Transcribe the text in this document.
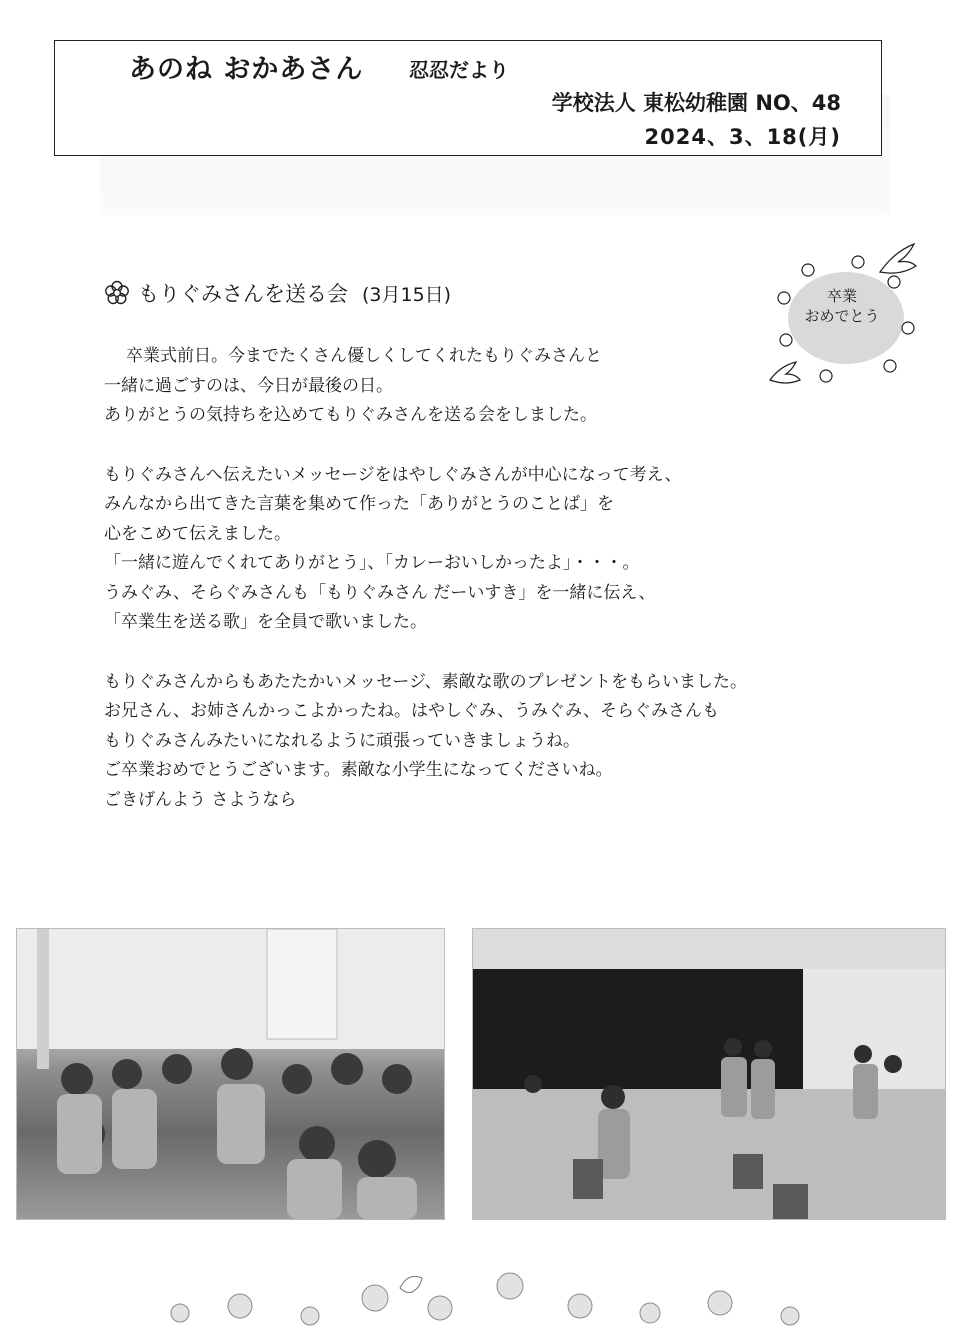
あのね おかあさん 忍忍だより
学校法人 東松幼稚園 NO、48
2024、3、18(月)
もりぐみさんを送る会 (3月15日)	卒業
おめでとう

卒業式前日。今までたくさん優しくしてくれたもりぐみさんと

一緒に過ごすのは、今日が最後の日。

ありがとうの気持ちを込めてもりぐみさんを送る会をしました。

もりぐみさんへ伝えたいメッセージをはやしぐみさんが中心になって考え、

みんなから出てきた言葉を集めて作った「ありがとうのことば」を

心をこめて伝えました。

「一緒に遊んでくれてありがとう」、「カレーおいしかったよ」・・・。

うみぐみ、そらぐみさんも「もりぐみさん だーいすき」を一緒に伝え、

「卒業生を送る歌」を全員で歌いました。

もりぐみさんからもあたたかいメッセージ、素敵な歌のプレゼントをもらいました。

お兄さん、お姉さんかっこよかったね。はやしぐみ、うみぐみ、そらぐみさんも

もりぐみさんみたいになれるように頑張っていきましょうね。

ご卒業おめでとうございます。素敵な小学生になってくださいね。

ごきげんよう さようなら
